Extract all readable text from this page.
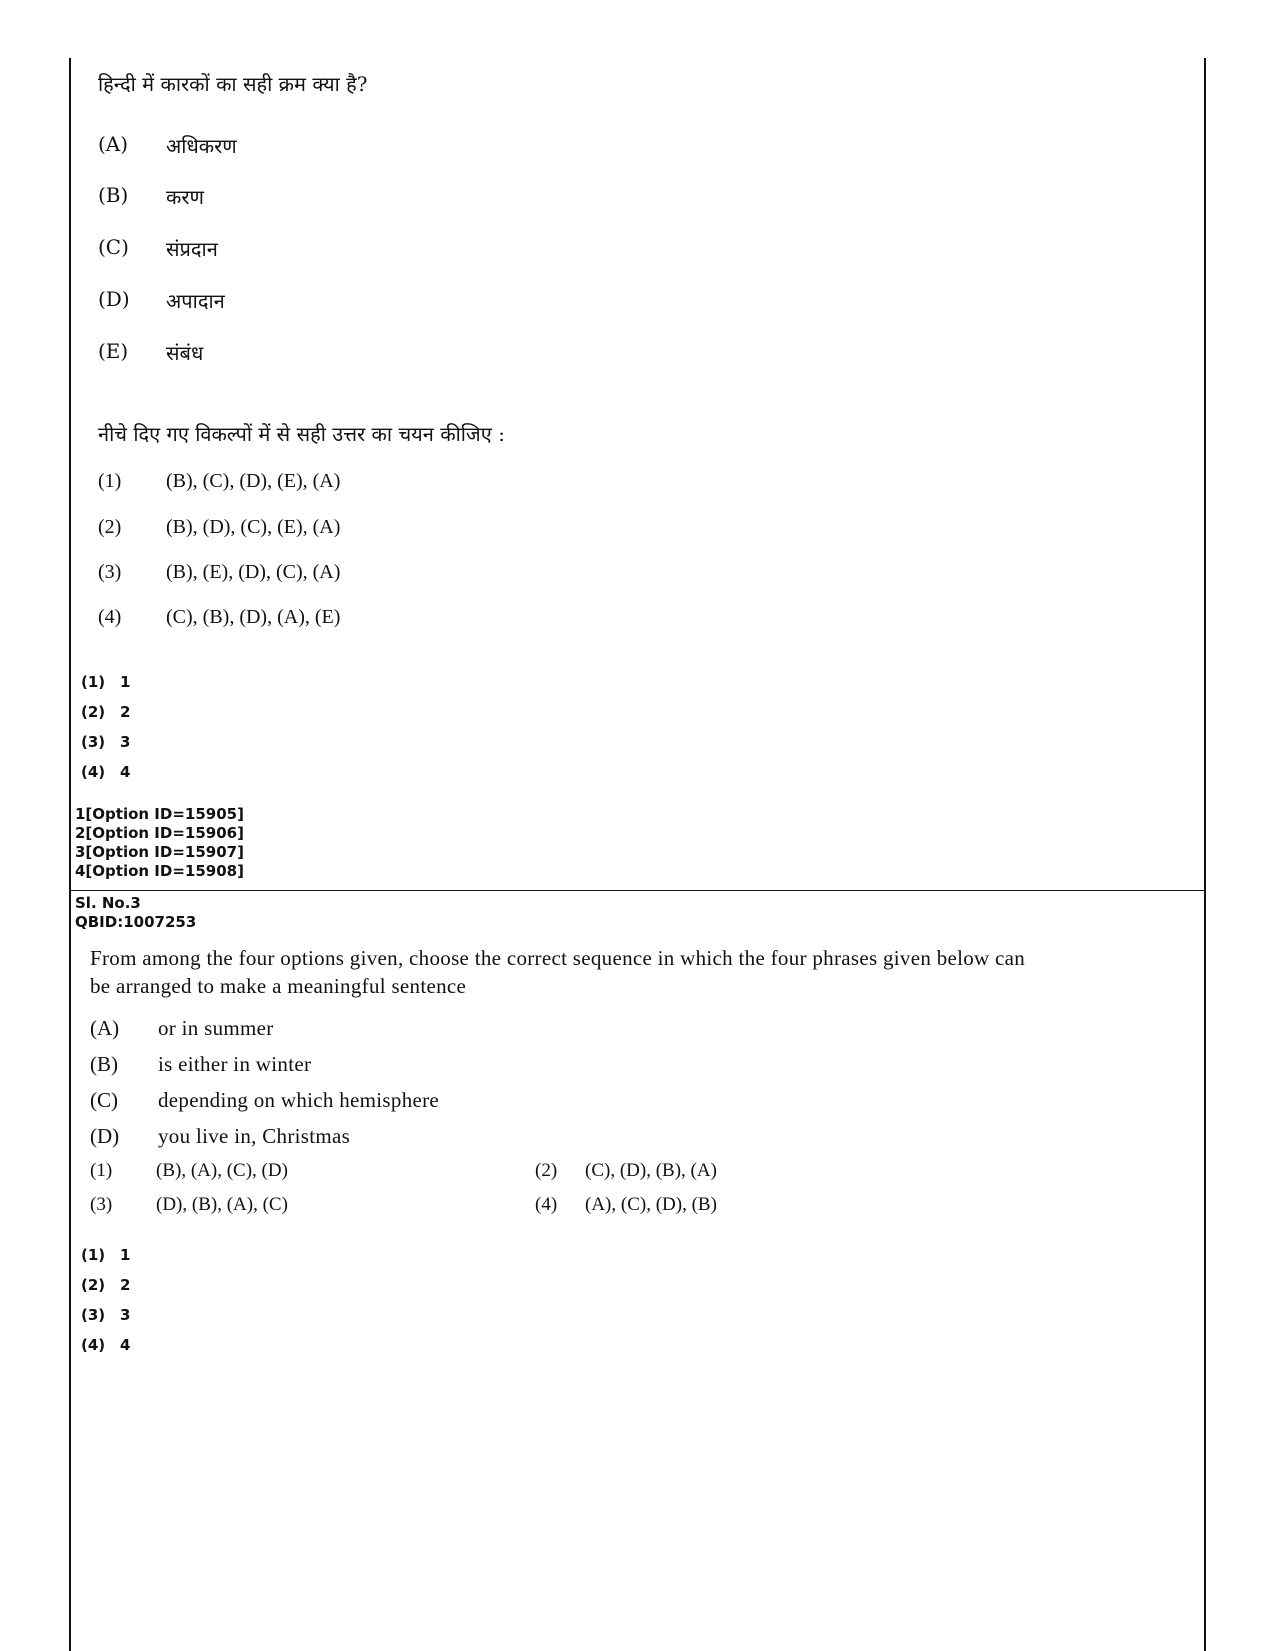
हिन्दी में कारकों का सही क्रम क्या है?
(A) अधिकरण
(B) करण
(C) संप्रदान
(D) अपादान
(E) संबंध
नीचे दिए गए विकल्पों में से सही उत्तर का चयन कीजिए :
(1) (B), (C), (D), (E), (A)
(2) (B), (D), (C), (E), (A)
(3) (B), (E), (D), (C), (A)
(4) (C), (B), (D), (A), (E)
(1) 1
(2) 2
(3) 3
(4) 4
1[Option ID=15905]
2[Option ID=15906]
3[Option ID=15907]
4[Option ID=15908]
Sl. No.3
QBID:1007253
From among the four options given, choose the correct sequence in which the four phrases given below can be arranged to make a meaningful sentence
(A) or in summer
(B) is either in winter
(C) depending on which hemisphere
(D) you live in, Christmas
(1) (B), (A), (C), (D)	(2) (C), (D), (B), (A)
(3) (D), (B), (A), (C)	(4) (A), (C), (D), (B)
(1) 1
(2) 2
(3) 3
(4) 4
